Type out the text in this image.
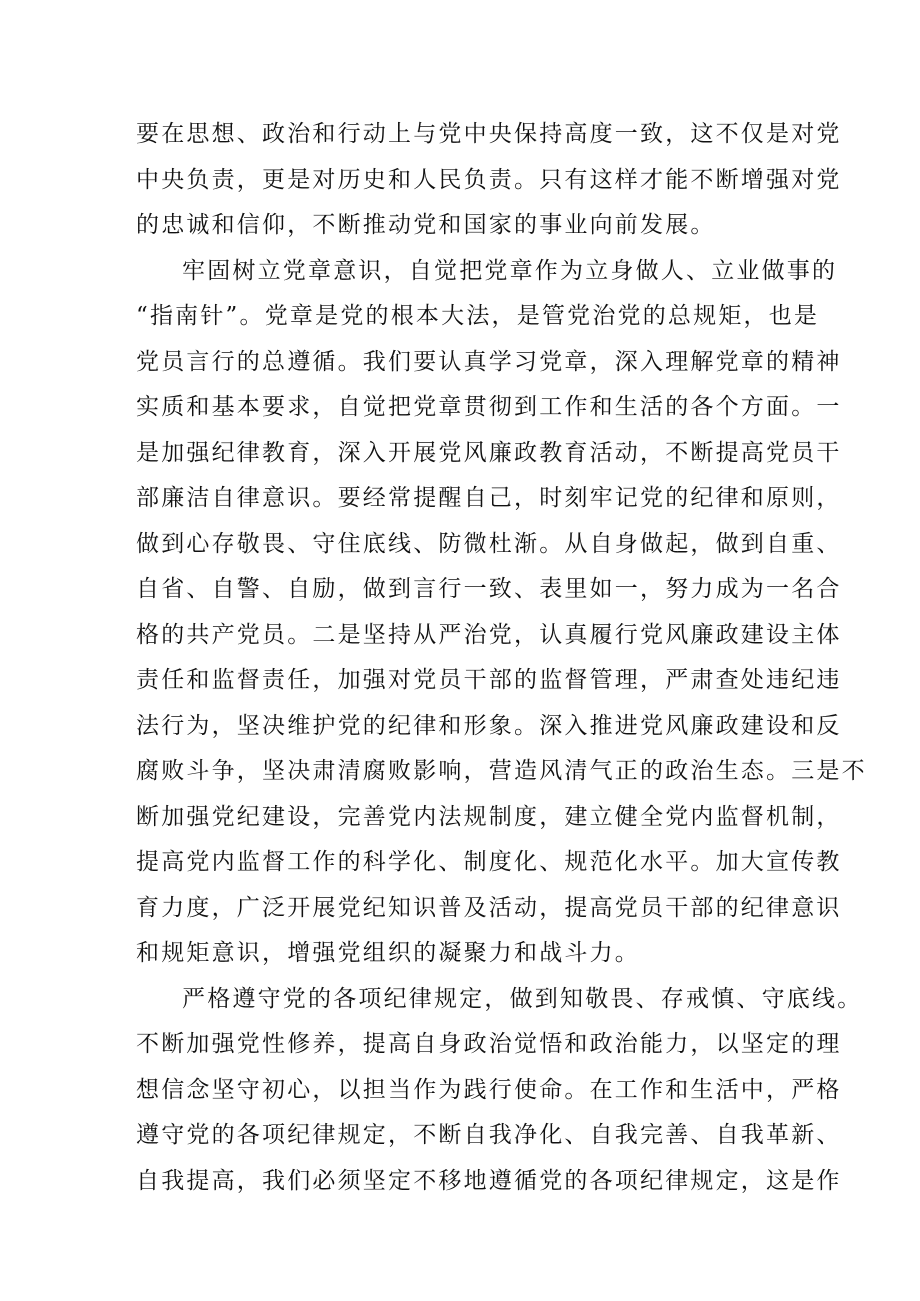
要在思想、政治和行动上与党中央保持高度一致，这不仅是对党
中央负责，更是对历史和人民负责。只有这样才能不断增强对党
的忠诚和信仰，不断推动党和国家的事业向前发展。
牢固树立党章意识，自觉把党章作为立身做人、立业做事的
“指南针”。党章是党的根本大法，是管党治党的总规矩，也是
党员言行的总遵循。我们要认真学习党章，深入理解党章的精神
实质和基本要求，自觉把党章贯彻到工作和生活的各个方面。一
是加强纪律教育，深入开展党风廉政教育活动，不断提高党员干
部廉洁自律意识。要经常提醒自己，时刻牢记党的纪律和原则，
做到心存敬畏、守住底线、防微杜渐。从自身做起，做到自重、
自省、自警、自励，做到言行一致、表里如一，努力成为一名合
格的共产党员。二是坚持从严治党，认真履行党风廉政建设主体
责任和监督责任，加强对党员干部的监督管理，严肃查处违纪违
法行为，坚决维护党的纪律和形象。深入推进党风廉政建设和反
腐败斗争，坚决肃清腐败影响，营造风清气正的政治生态。三是不
断加强党纪建设，完善党内法规制度，建立健全党内监督机制，
提高党内监督工作的科学化、制度化、规范化水平。加大宣传教
育力度，广泛开展党纪知识普及活动，提高党员干部的纪律意识
和规矩意识，增强党组织的凝聚力和战斗力。
严格遵守党的各项纪律规定，做到知敬畏、存戒慎、守底线。
不断加强党性修养，提高自身政治觉悟和政治能力，以坚定的理
想信念坚守初心，以担当作为践行使命。在工作和生活中，严格
遵守党的各项纪律规定，不断自我净化、自我完善、自我革新、
自我提高，我们必须坚定不移地遵循党的各项纪律规定，这是作
